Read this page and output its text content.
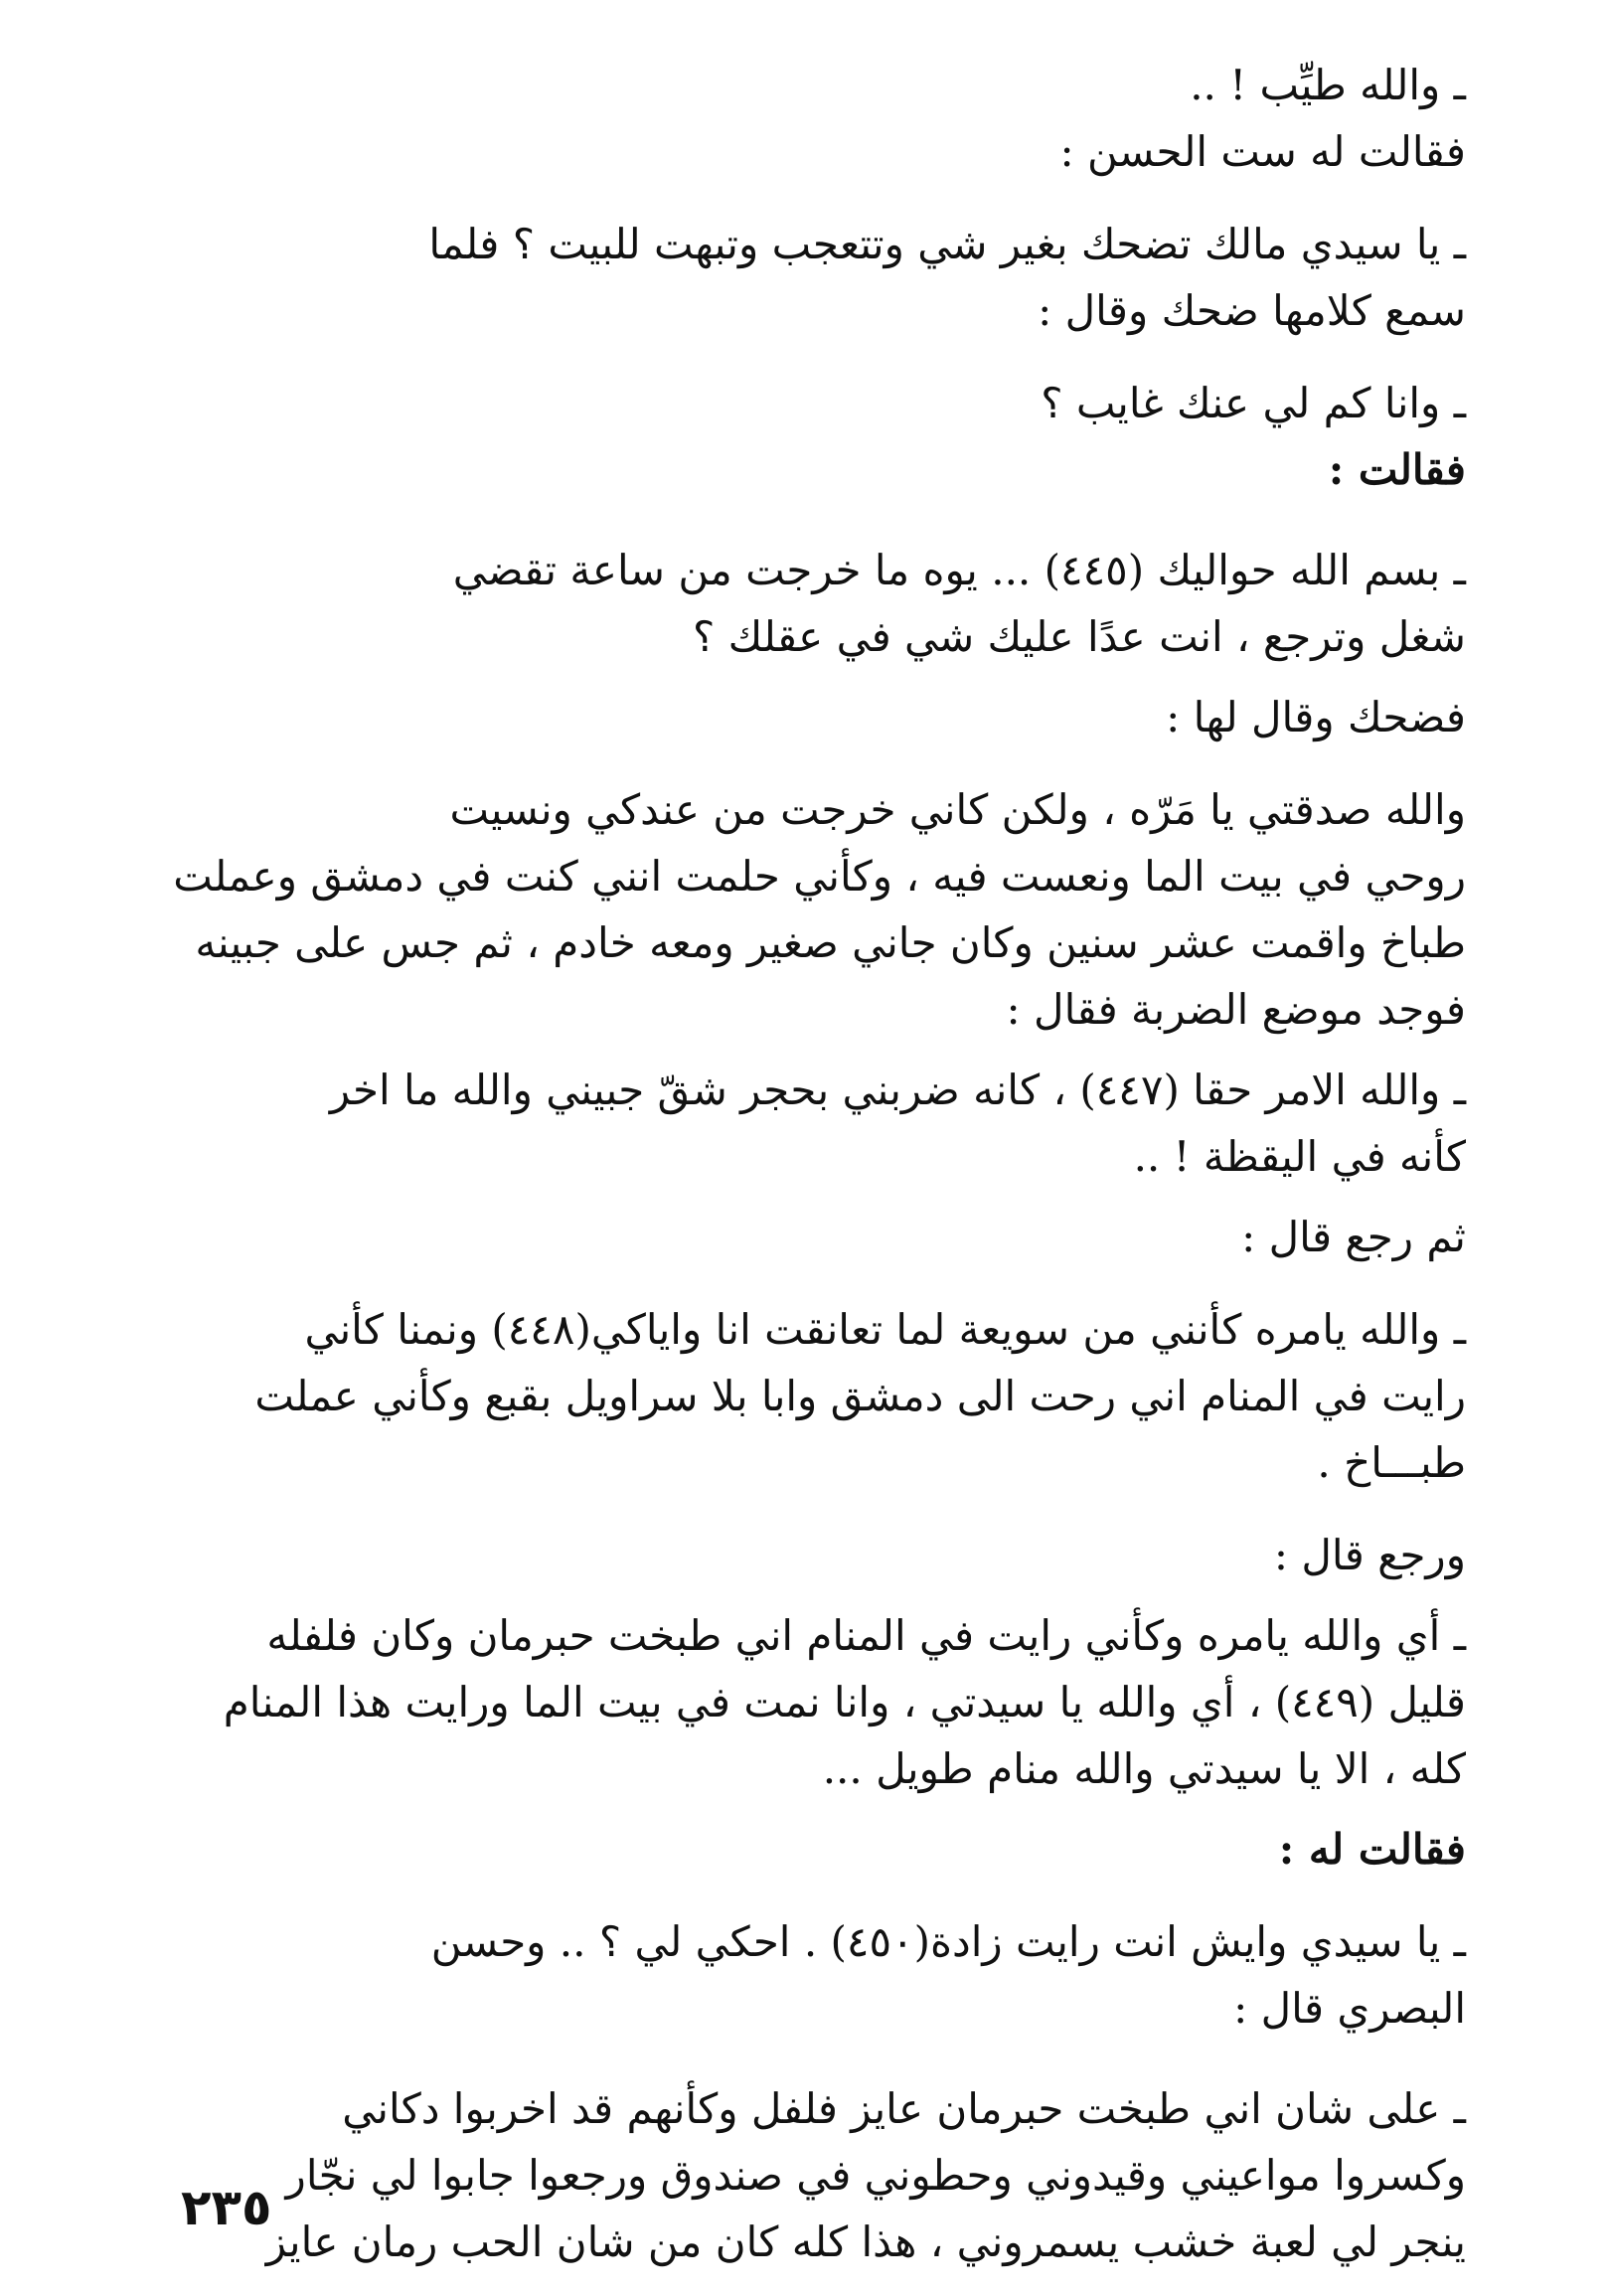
ـ والله طيِّب ! ..

فقالت له ست الحسن :

ـ يا سيدي مالك تضحك بغير شي وتتعجب وتبهت للبيت ؟ فلما

سمع كلامها ضحك وقال :

ـ وانا كم لي عنك غايب ؟

فقالت :

ـ بسم الله حواليك (٤٤٥) ... يوه ما خرجت من ساعة تقضي

شغل وترجع ، انت عدًا عليك شي في عقلك ؟

فضحك وقال لها :

والله صدقتي يا مَرّه ، ولكن كاني خرجت من عندكي ونسيت

روحي في بيت الما ونعست فيه ، وكأني حلمت انني كنت في دمشق وعملت

طباخ واقمت عشر سنين وكان جاني صغير ومعه خادم ، ثم جس على جبينه

فوجد موضع الضربة فقال :

ـ والله الامر حقا (٤٤٧) ، كانه ضربني بحجر شقّ جبيني والله ما اخر

كأنه في اليقظة ! ..

ثم رجع قال :

ـ والله يامره كأنني من سويعة لما تعانقت انا واياكي(٤٤٨) ونمنا كأني

رايت في المنام اني رحت الى دمشق وابا بلا سراويل بقبع وكأني عملت

طبـــاخ .

ورجع قال :

ـ أي والله يامره وكأني رايت في المنام اني طبخت حبرمان وكان فلفله

قليل (٤٤٩) ، أي والله يا سيدتي ، وانا نمت في بيت الما ورايت هذا المنام

كله ، الا يا سيدتي والله منام طويل ...

فقالت له :

ـ يا سيدي وايش انت رايت زادة(٤٥٠) . احكي لي ؟ .. وحسن

البصري قال :

ـ على شان اني طبخت حبرمان عايز فلفل وكأنهم قد اخربوا دكاني

وكسروا مواعيني وقيدوني وحطوني في صندوق ورجعوا جابوا لي نجّار

ينجر لي لعبة خشب يسمروني ، هذا كله كان من شان الحب رمان عايز

٢٣٥
